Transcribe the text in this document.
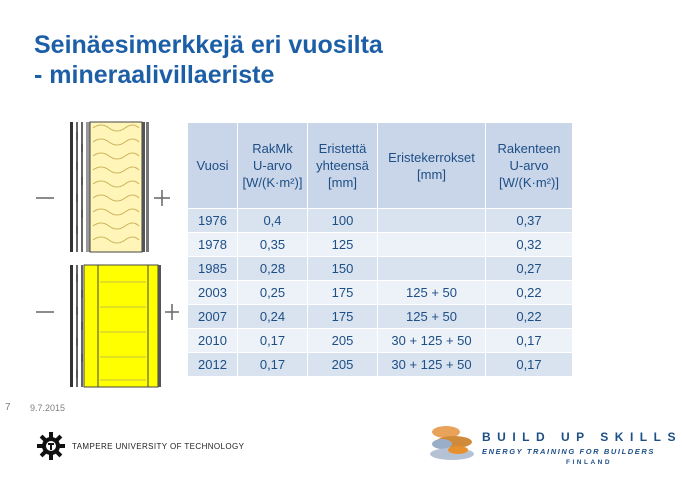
Seinäesimerkkejä eri vuosilta
- mineraalivillaeriste
Vuosi	RakMk
U-arvo
[W/(K·m²)]	Eristettä
yhteensä
[mm]	Eristekerrokset
[mm]	Rakenteen
U-arvo
[W/(K·m²)]
1976	0,4	100		0,37
1978	0,35	125		0,32
1985	0,28	150		0,27
2003	0,25	175	125 + 50	0,22
2007	0,24	175	125 + 50	0,22
2010	0,17	205	30 + 125 + 50	0,17
2012	0,17	205	30 + 125 + 50	0,17
7 9.7.2015
TAMPERE UNIVERSITY OF TECHNOLOGY
BUILD UP SKILLS
ENERGY TRAINING FOR BUILDERS
FINLAND
